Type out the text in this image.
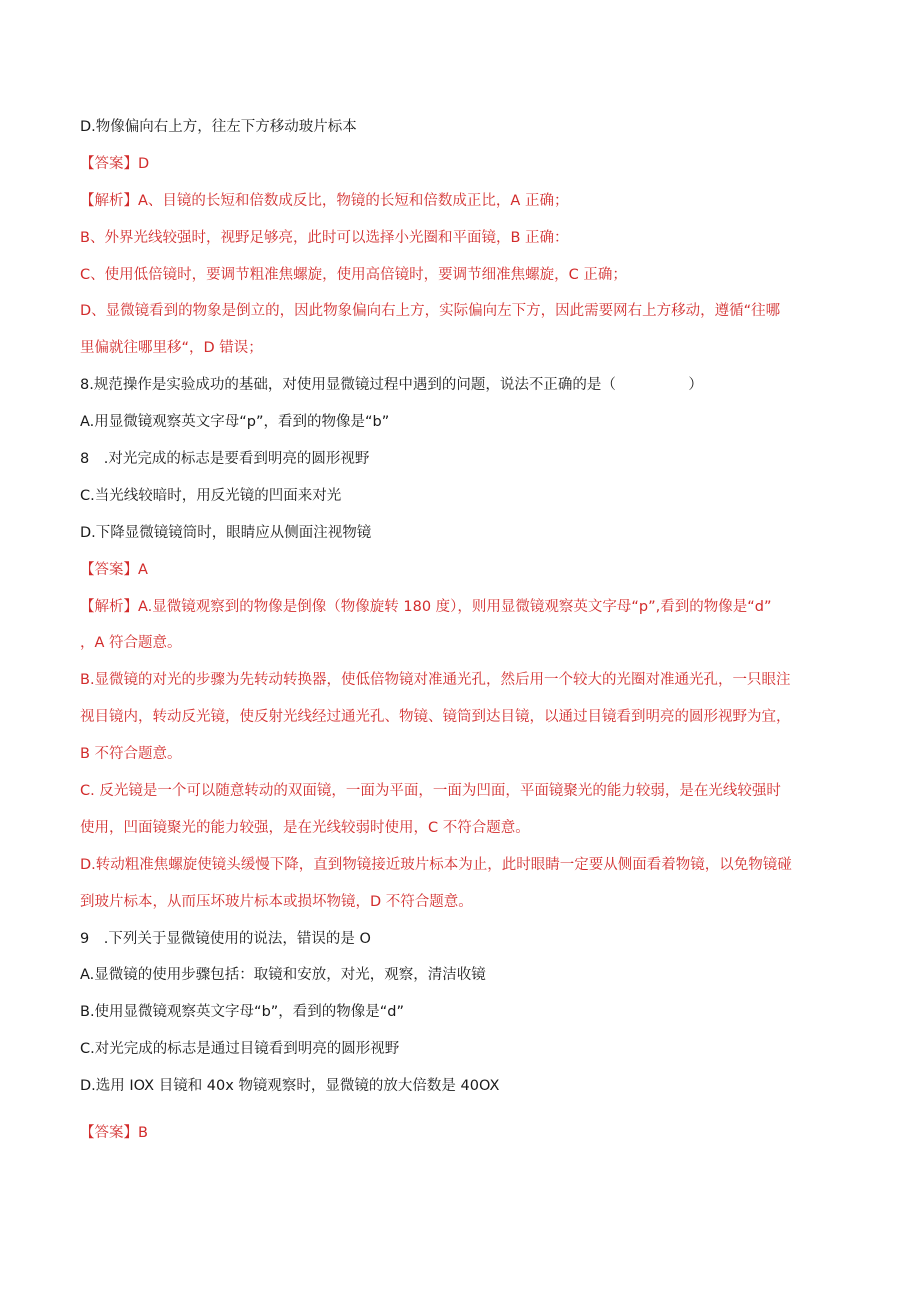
D.物像偏向右上方，往左下方移动玻片标本
【答案】D
【解析】A、目镜的长短和倍数成反比，物镜的长短和倍数成正比，A 正确；
B、外界光线较强时，视野足够亮，此时可以选择小光圈和平面镜，B 正确：
C、使用低倍镜时，要调节粗准焦螺旋，使用高倍镜时，要调节细准焦螺旋，C 正确；
D、显微镜看到的物象是倒立的，因此物象偏向右上方，实际偏向左下方，因此需要网右上方移动，遵循“往哪
里偏就往哪里移“，D 错误；
8.规范操作是实验成功的基础，对使用显微镜过程中遇到的问题，说法不正确的是（　　　　　）
A.用显微镜观察英文字母“p”，看到的物像是“b”
8　.对光完成的标志是要看到明亮的圆形视野
C.当光线较暗时，用反光镜的凹面来对光
D.下降显微镜镜筒时，眼睛应从侧面注视物镜
【答案】A
【解析】A.显微镜观察到的物像是倒像（物像旋转 180 度），则用显微镜观察英文字母“p”,看到的物像是“d”
，A 符合题意。
B.显微镜的对光的步骤为先转动转换器，使低倍物镜对准通光孔，然后用一个较大的光圈对准通光孔，一只眼注
视目镜内，转动反光镜，使反射光线经过通光孔、物镜、镜筒到达目镜，以通过目镜看到明亮的圆形视野为宜，
B 不符合题意。
C. 反光镜是一个可以随意转动的双面镜，一面为平面，一面为凹面，平面镜聚光的能力较弱，是在光线较强时
使用，凹面镜聚光的能力较强，是在光线较弱时使用，C 不符合题意。
D.转动粗准焦螺旋使镜头缓慢下降，直到物镜接近玻片标本为止，此时眼睛一定要从侧面看着物镜，以免物镜碰
到玻片标本，从而压坏玻片标本或损坏物镜，D 不符合题意。
9　.下列关于显微镜使用的说法，错误的是 O
A.显微镜的使用步骤包括：取镜和安放，对光，观察，清洁收镜
B.使用显微镜观察英文字母“b”，看到的物像是“d”
C.对光完成的标志是通过目镜看到明亮的圆形视野
D.选用 IOX 目镜和 40x 物镜观察时，显微镜的放大倍数是 40OX
【答案】B
